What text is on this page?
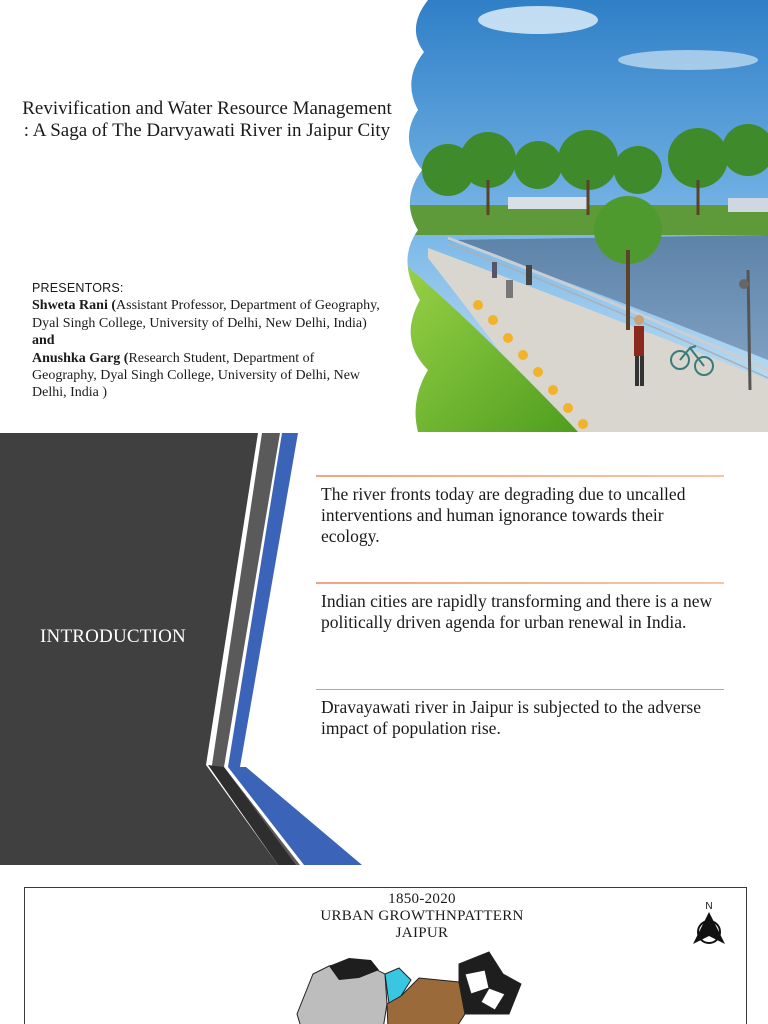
Revivification and Water Resource Management : A Saga of The Darvyawati River in Jaipur City
PRESENTORS:
Shweta Rani (Assistant Professor, Department of Geography, Dyal Singh College, University of Delhi, New Delhi, India)
and
Anushka Garg (Research Student, Department of Geography, Dyal Singh College, University of Delhi, New Delhi, India )
INTRODUCTION
The river fronts today are degrading due to uncalled interventions and human ignorance towards their ecology.
Indian cities are rapidly transforming and there is a new politically driven agenda for urban renewal in India.
Dravayawati river in Jaipur is subjected to the adverse impact of population rise.
1850-2020
URBAN GROWTHNPATTERN
JAIPUR
N
